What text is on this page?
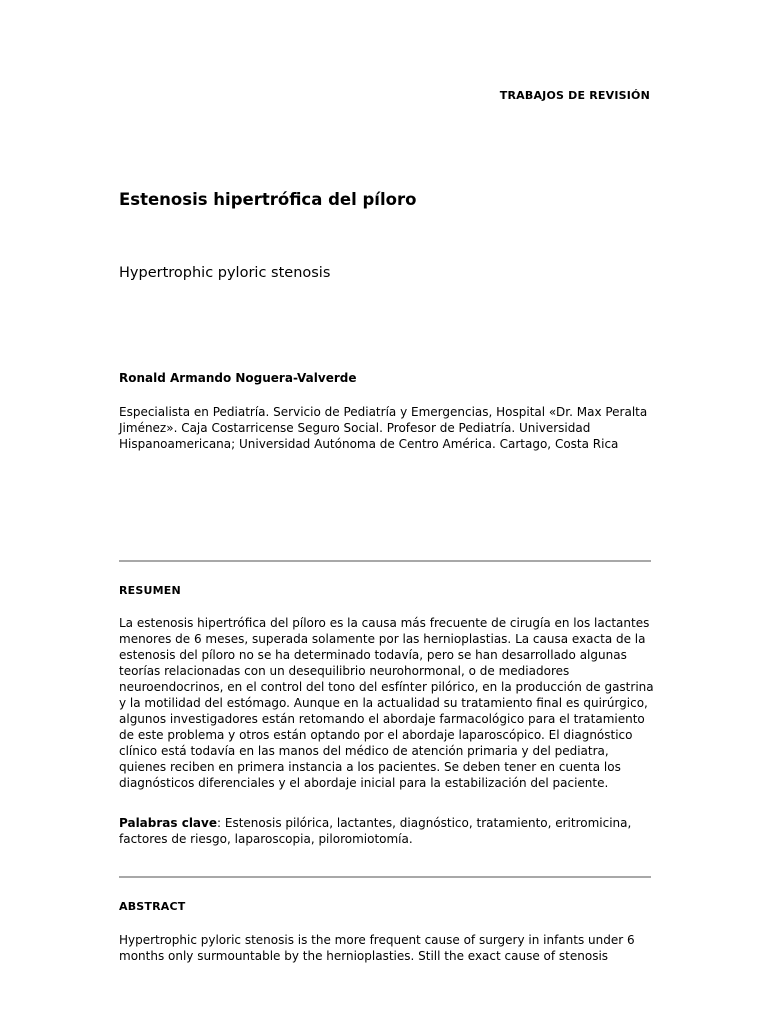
TRABAJOS DE REVISIÓN
Estenosis hipertrófica del píloro
Hypertrophic pyloric stenosis
Ronald Armando Noguera-Valverde
Especialista en Pediatría. Servicio de Pediatría y Emergencias, Hospital «Dr. Max Peralta Jiménez». Caja Costarricense Seguro Social. Profesor de Pediatría. Universidad Hispanoamericana; Universidad Autónoma de Centro América. Cartago, Costa Rica
RESUMEN
La estenosis hipertrófica del píloro es la causa más frecuente de cirugía en los lactantes menores de 6 meses, superada solamente por las hernioplastias. La causa exacta de la estenosis del píloro no se ha determinado todavía, pero se han desarrollado algunas teorías relacionadas con un desequilibrio neurohormonal, o de mediadores neuroendocrinos, en el control del tono del esfínter pilórico, en la producción de gastrina y la motilidad del estómago. Aunque en la actualidad su tratamiento final es quirúrgico, algunos investigadores están retomando el abordaje farmacológico para el tratamiento de este problema y otros están optando por el abordaje laparoscópico. El diagnóstico clínico está todavía en las manos del médico de atención primaria y del pediatra, quienes reciben en primera instancia a los pacientes. Se deben tener en cuenta los diagnósticos diferenciales y el abordaje inicial para la estabilización del paciente.
Palabras clave: Estenosis pilórica, lactantes, diagnóstico, tratamiento, eritromicina, factores de riesgo, laparoscopia, piloromiotomía.
ABSTRACT
Hypertrophic pyloric stenosis is the more frequent cause of surgery in infants under 6 months only surmountable by the hernioplasties. Still the exact cause of stenosis
